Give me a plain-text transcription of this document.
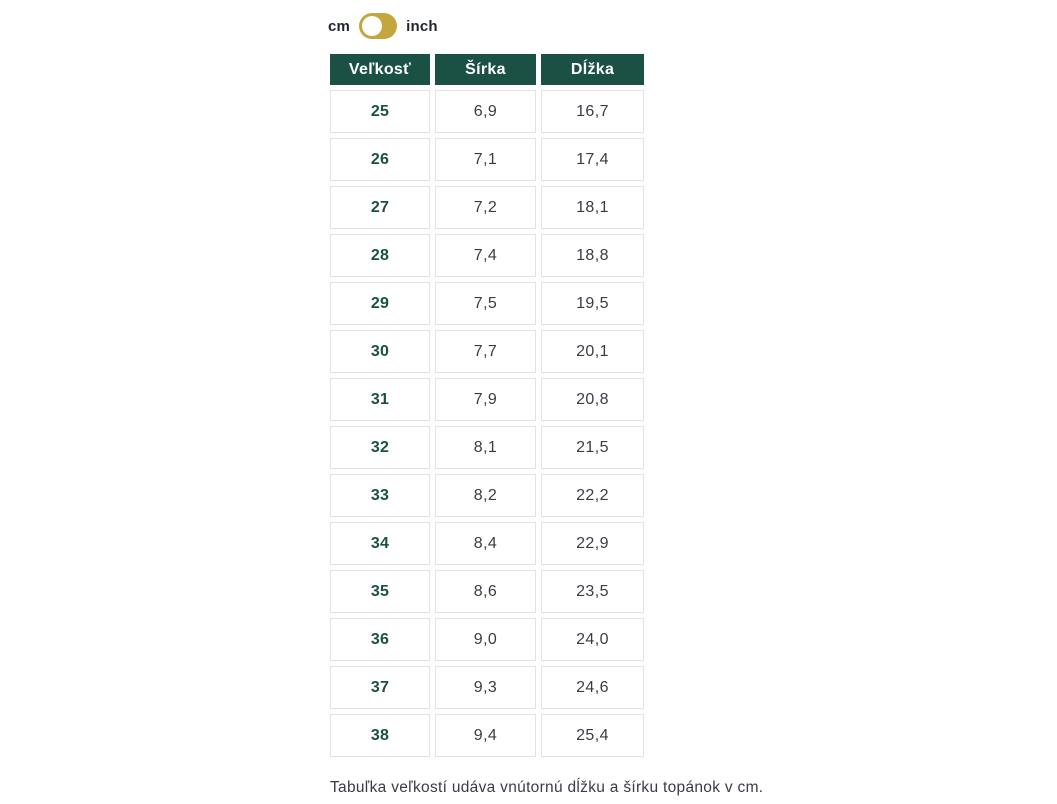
cm	inch
Veľkosť	Šírka	Dĺžka
25	6,9	16,7
26	7,1	17,4
27	7,2	18,1
28	7,4	18,8
29	7,5	19,5
30	7,7	20,1
31	7,9	20,8
32	8,1	21,5
33	8,2	22,2
34	8,4	22,9
35	8,6	23,5
36	9,0	24,0
37	9,3	24,6
38	9,4	25,4

Tabuľka veľkostí udáva vnútornú dĺžku a šírku topánok v cm.
